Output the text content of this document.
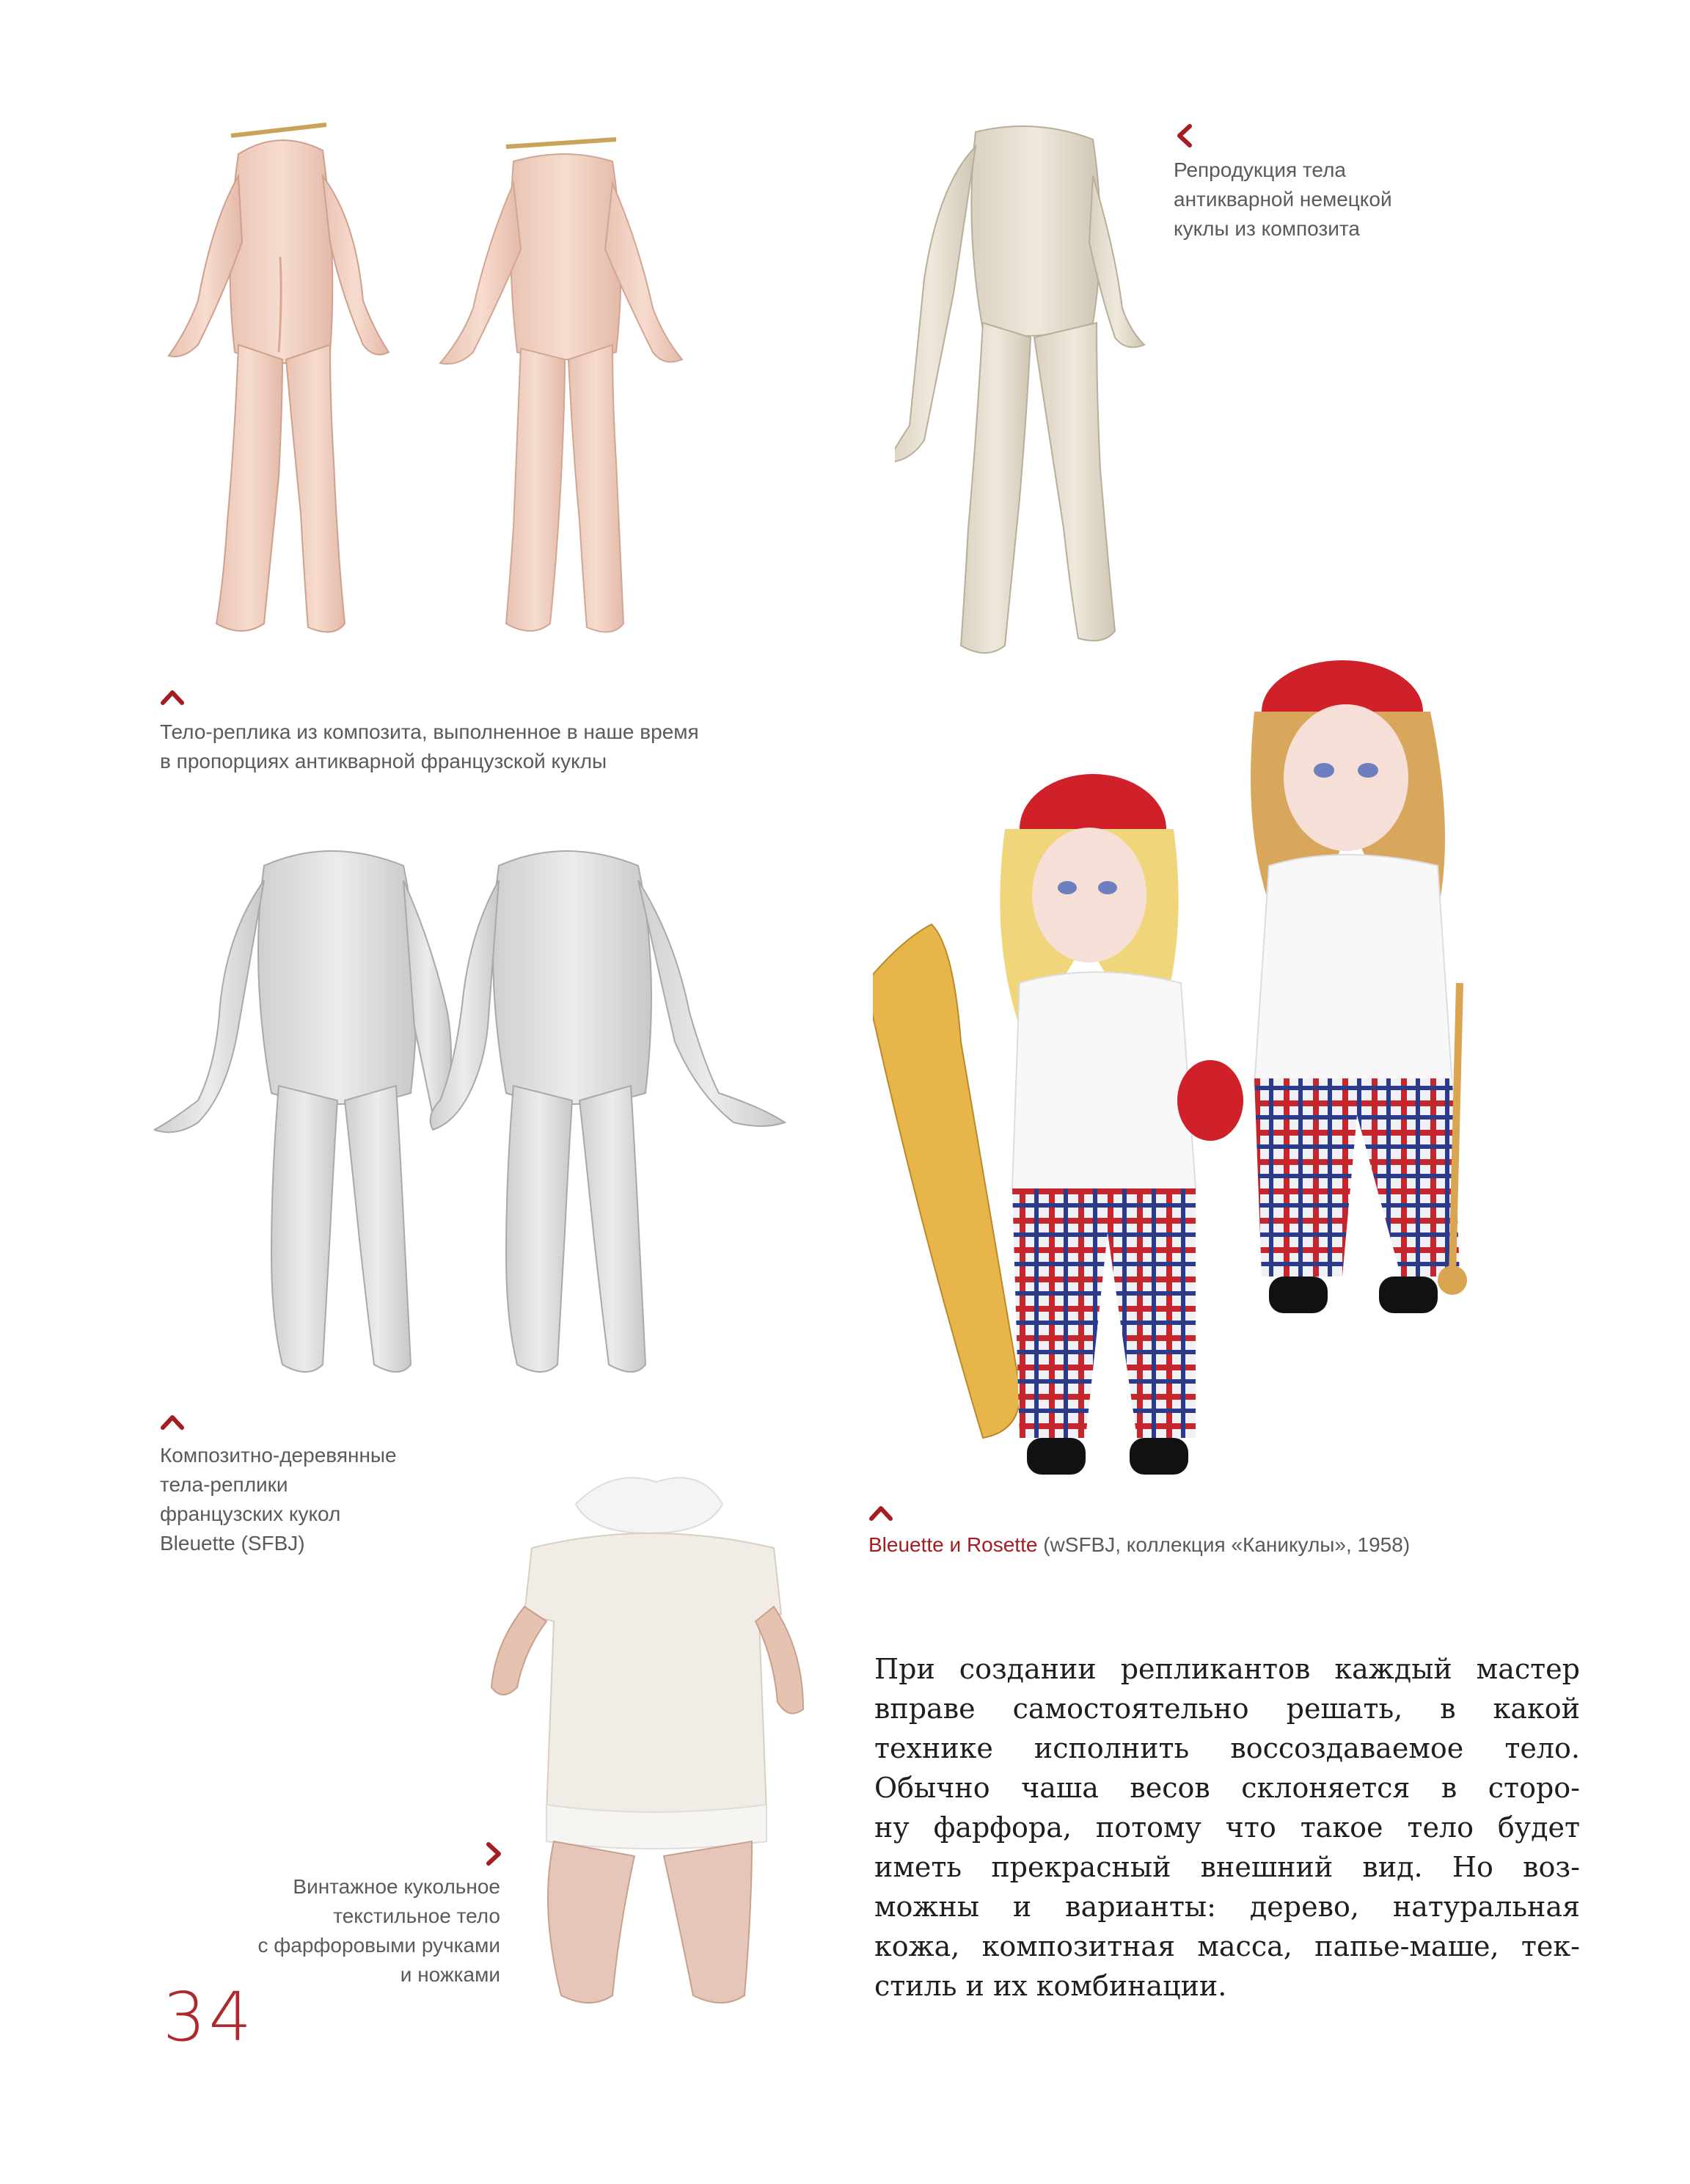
Репродукция тела
антикварной немецкой
куклы из композита
Тело-реплика из композита, выполненное в наше время
в пропорциях антикварной французской куклы
Композитно-деревянные
тела-реплики
французских кукол
Bleuette (SFBJ)	Bleuette и Rosette (wSFBJ, коллекция «Каникулы», 1958)
Винтажное кукольное
текстильное тело
с фарфоровыми ручками
и ножками
При создании репликантов каждый мастер
вправе самостоятельно решать, в какой
технике исполнить воссоздаваемое тело.
Обычно чаша весов склоняется в сторо-
ну фарфора, потому что такое тело будет
иметь прекрасный внешний вид. Но воз-
можны и варианты: дерево, натуральная
кожа, композитная масса, папье-маше, тек-
стиль и их комбинации.
34
